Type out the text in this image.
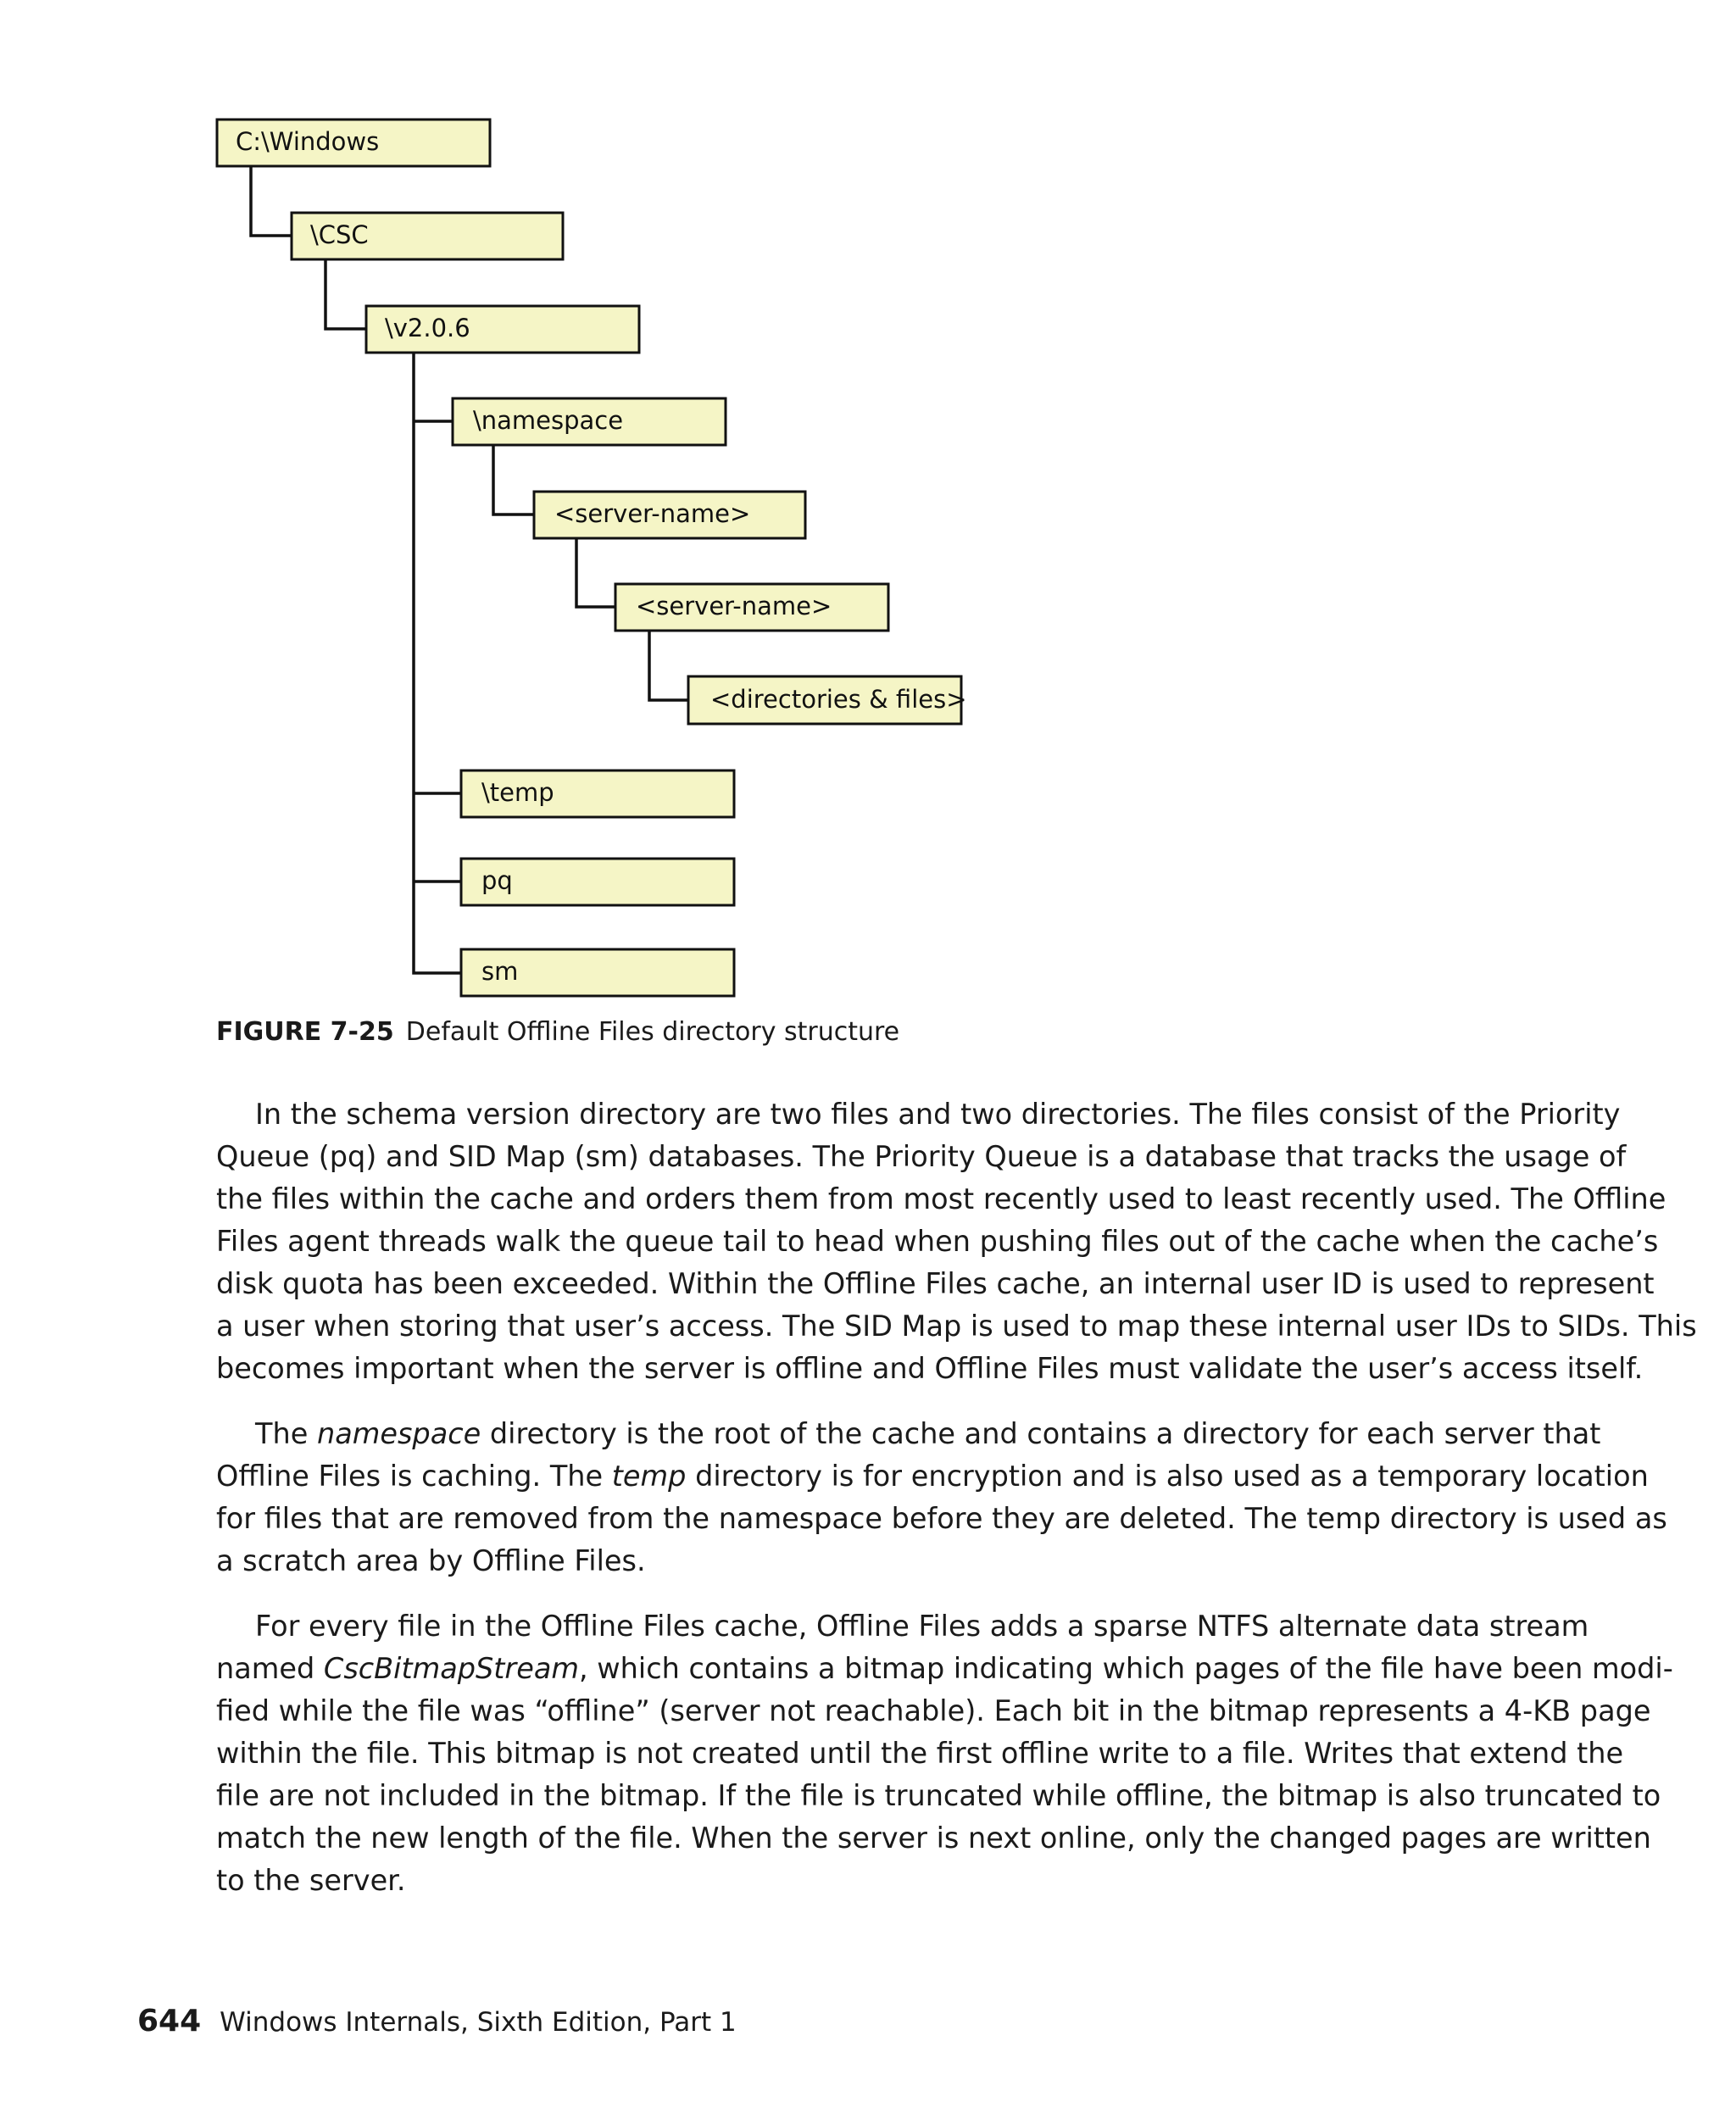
C:\Windows
\CSC
\v2.0.6
\namespace
<server-name>
<server-name>
<directories & files>
\temp
pq
sm
FIGURE 7-25 Default Offline Files directory structure

In the schema version directory are two files and two directories. The files consist of the Priority
Queue (pq) and SID Map (sm) databases. The Priority Queue is a database that tracks the usage of
the files within the cache and orders them from most recently used to least recently used. The Offline
Files agent threads walk the queue tail to head when pushing files out of the cache when the cache’s
disk quota has been exceeded. Within the Offline Files cache, an internal user ID is used to represent
a user when storing that user’s access. The SID Map is used to map these internal user IDs to SIDs. This
becomes important when the server is offline and Offline Files must validate the user’s access itself.

The namespace directory is the root of the cache and contains a directory for each server that
Offline Files is caching. The temp directory is for encryption and is also used as a temporary location
for files that are removed from the namespace before they are deleted. The temp directory is used as
a scratch area by Offline Files.

For every file in the Offline Files cache, Offline Files adds a sparse NTFS alternate data stream
named CscBitmapStream, which contains a bitmap indicating which pages of the file have been modi-
fied while the file was “offline” (server not reachable). Each bit in the bitmap represents a 4-KB page
within the file. This bitmap is not created until the first offline write to a file. Writes that extend the
file are not included in the bitmap. If the file is truncated while offline, the bitmap is also truncated to
match the new length of the file. When the server is next online, only the changed pages are written
to the server.

644 Windows Internals, Sixth Edition, Part 1
